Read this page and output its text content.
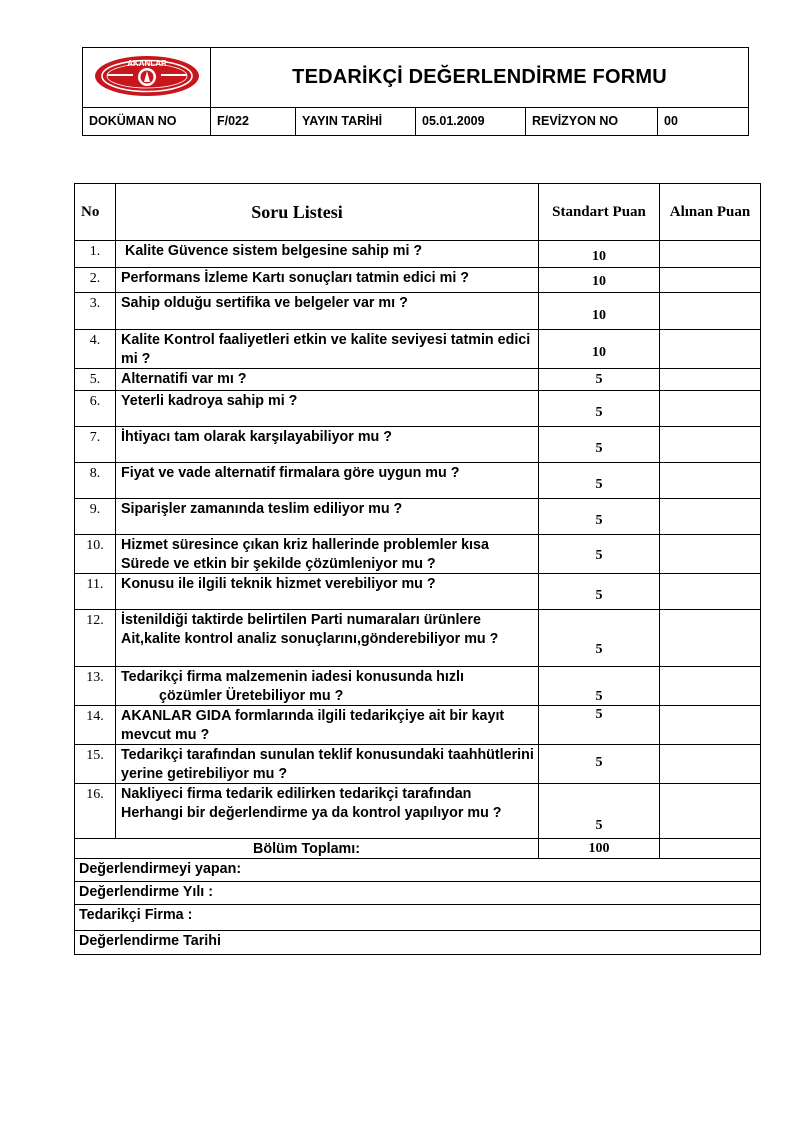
AKANLAR	TEDARİKÇİ DEĞERLENDİRME FORMU				
DOKÜMAN NO	F/022	YAYIN TARİHİ	05.01.2009	REVİZYON NO	00
No	Soru Listesi	Standart Puan	Alınan Puan
1.	Kalite Güvence sistem belgesine sahip mi ?	10	
2.	Performans İzleme Kartı sonuçları tatmin edici mi ?	10	
3.	Sahip olduğu sertifika ve belgeler var mı ?	10	
4.	Kalite Kontrol faaliyetleri etkin ve kalite seviyesi tatmin edici mi ?	10	
5.	Alternatifi var mı ?	5	
6.	Yeterli kadroya sahip mi ?	5	
7.	İhtiyacı tam olarak karşılayabiliyor mu ?	5	
8.	Fiyat ve vade alternatif firmalara göre uygun mu ?	5	
9.	Siparişler zamanında teslim ediliyor mu ?	5	
10.	Hizmet süresince çıkan kriz hallerinde problemler kısa Sürede ve etkin bir şekilde çözümleniyor mu ?	5	
11.	Konusu ile ilgili teknik hizmet verebiliyor mu ?	5	
12.	İstenildiği taktirde belirtilen Parti numaraları ürünlere Ait,kalite kontrol analiz sonuçlarını,gönderebiliyor mu ?	5	
13.	Tedarikçi firma malzemenin iadesi konusunda hızlı
çözümler Üretebiliyor mu ?	5	
14.	AKANLAR GIDA formlarında ilgili tedarikçiye ait bir kayıt mevcut mu ?	5	
15.	Tedarikçi tarafından sunulan teklif konusundaki taahhütlerini yerine getirebiliyor mu ?	5	
16.	Nakliyeci firma tedarik edilirken tedarikçi tarafından Herhangi bir değerlendirme ya da kontrol yapılıyor mu ?	5	
Bölüm Toplamı:		100	
Değerlendirmeyi yapan:			
Değerlendirme Yılı :			
Tedarikçi Firma :			
Değerlendirme Tarihi			
